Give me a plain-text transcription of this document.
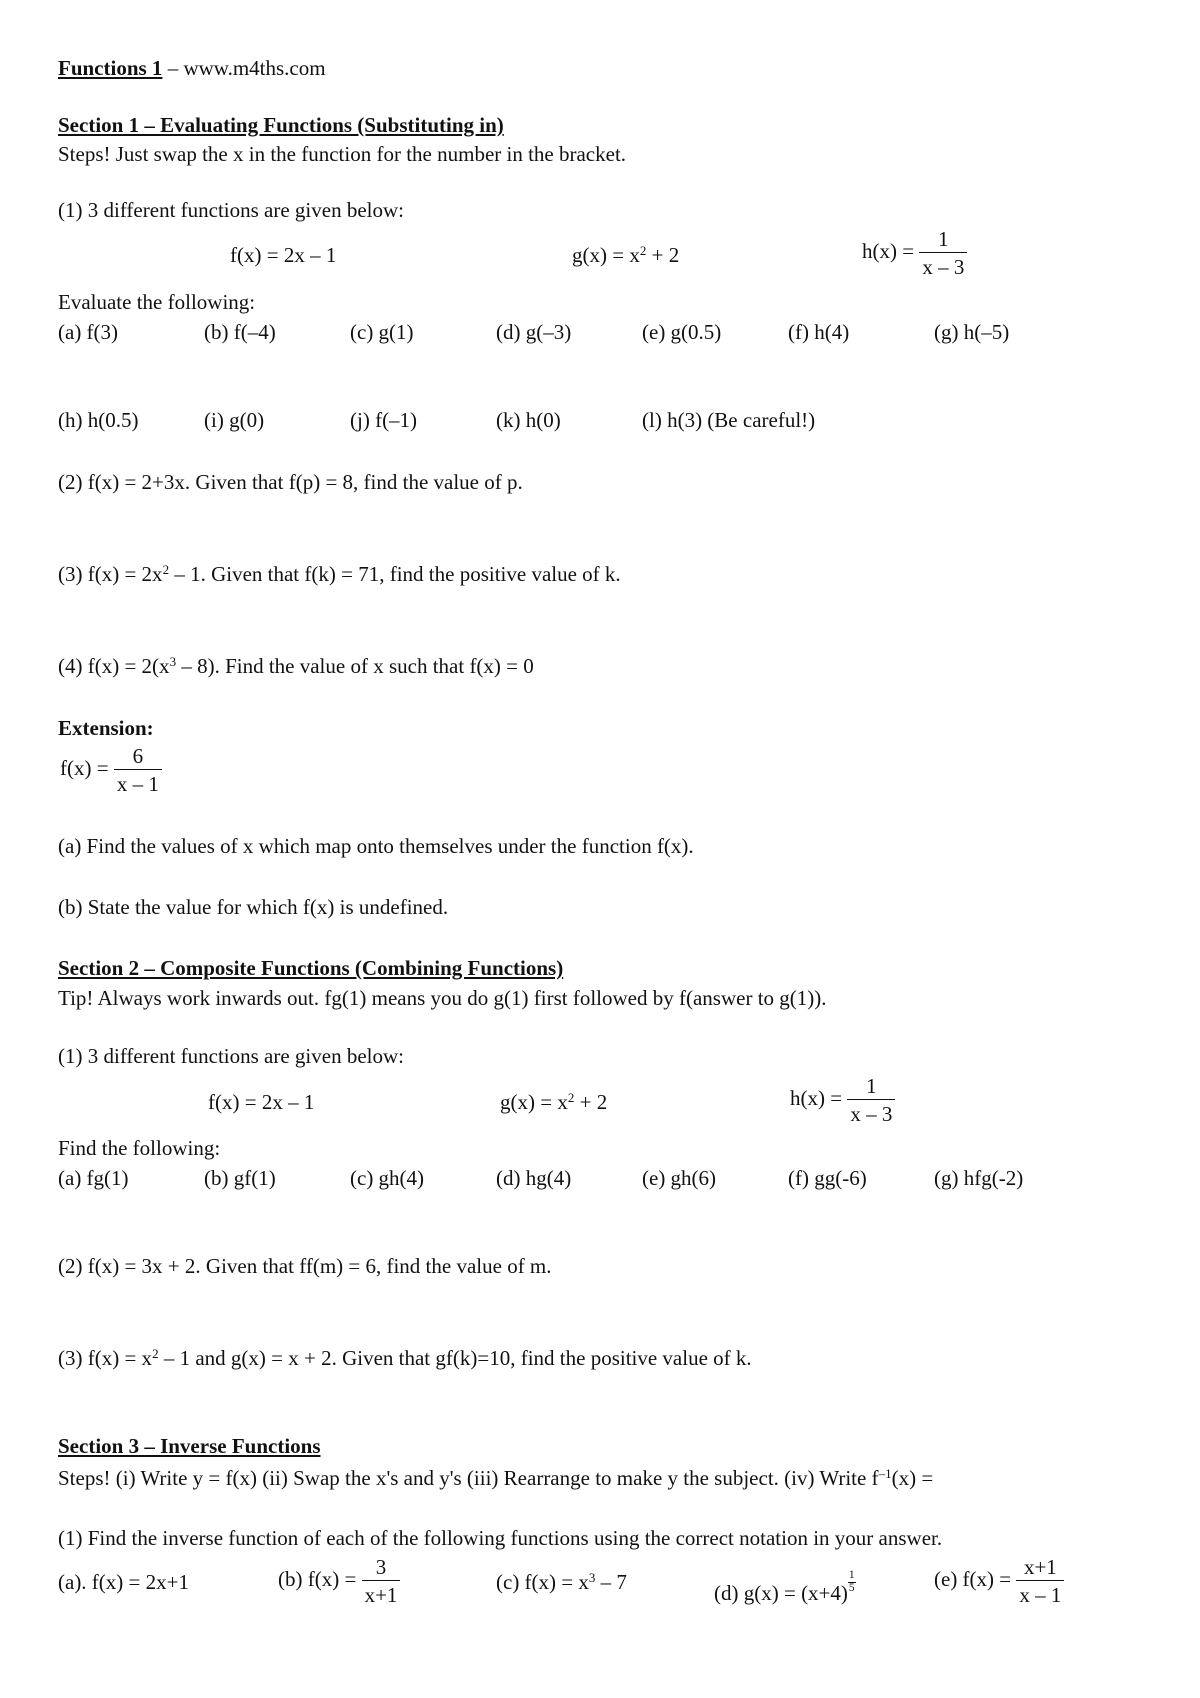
Functions 1 – www.m4ths.com
Section 1 – Evaluating Functions (Substituting in)
Steps! Just swap the x in the function for the number in the bracket.
(1) 3 different functions are given below:
f(x) = 2x – 1	$g(x) = x^2 + 2$	$h(x) = \frac{1}{x - 3}$
Evaluate the following:
(a) f(3)	(b) f(–4)	(c) g(1)	(d) g(–3)	(e) g(0.5)	(f) h(4)	(g) h(–5)
(h) h(0.5)	(i) g(0)	(j) f(–1)	(k) h(0)	(l) h(3) (Be careful!)
(2) f(x) = 2+3x. Given that f(p) = 8, find the value of p.
(3) $f(x) = 2x^2 - 1$. Given that f(k) = 71, find the positive value of k.
(4) $f(x) = 2(x^3 - 8)$. Find the value of x such that f(x) = 0
Extension:
$f(x) = \frac{6}{x - 1}$
(a) Find the values of x which map onto themselves under the function f(x).
(b) State the value for which f(x) is undefined.
Section 2 – Composite Functions (Combining Functions)
Tip! Always work inwards out. fg(1) means you do g(1) first followed by f(answer to g(1)).
(1) 3 different functions are given below:
f(x) = 2x – 1	$g(x) = x^2 + 2$	$h(x) = \frac{1}{x - 3}$
Find the following:
(a) fg(1)	(b) gf(1)	(c) gh(4)	(d) hg(4)	(e) gh(6)	(f) gg(-6)	(g) hfg(-2)
(2) f(x) = 3x + 2. Given that ff(m) = 6, find the value of m.
(3) $f(x) = x^2 - 1$ and g(x) = x + 2. Given that gf(k)=10, find the positive value of k.
Section 3 – Inverse Functions
Steps! (i) Write y = f(x) (ii) Swap the x's and y's (iii) Rearrange to make y the subject. (iv) Write $f^{-1}(x)$ =
(1) Find the inverse function of each of the following functions using the correct notation in your answer.
(a). f(x) = 2x+1	(b) $f(x) = \frac{3}{x+1}$	(c) $f(x) = x^3 - 7$	(d) $g(x) = (x+4) \frac{1}{5}$	(e) $f(x) = \frac{x+1}{x - 1}$
